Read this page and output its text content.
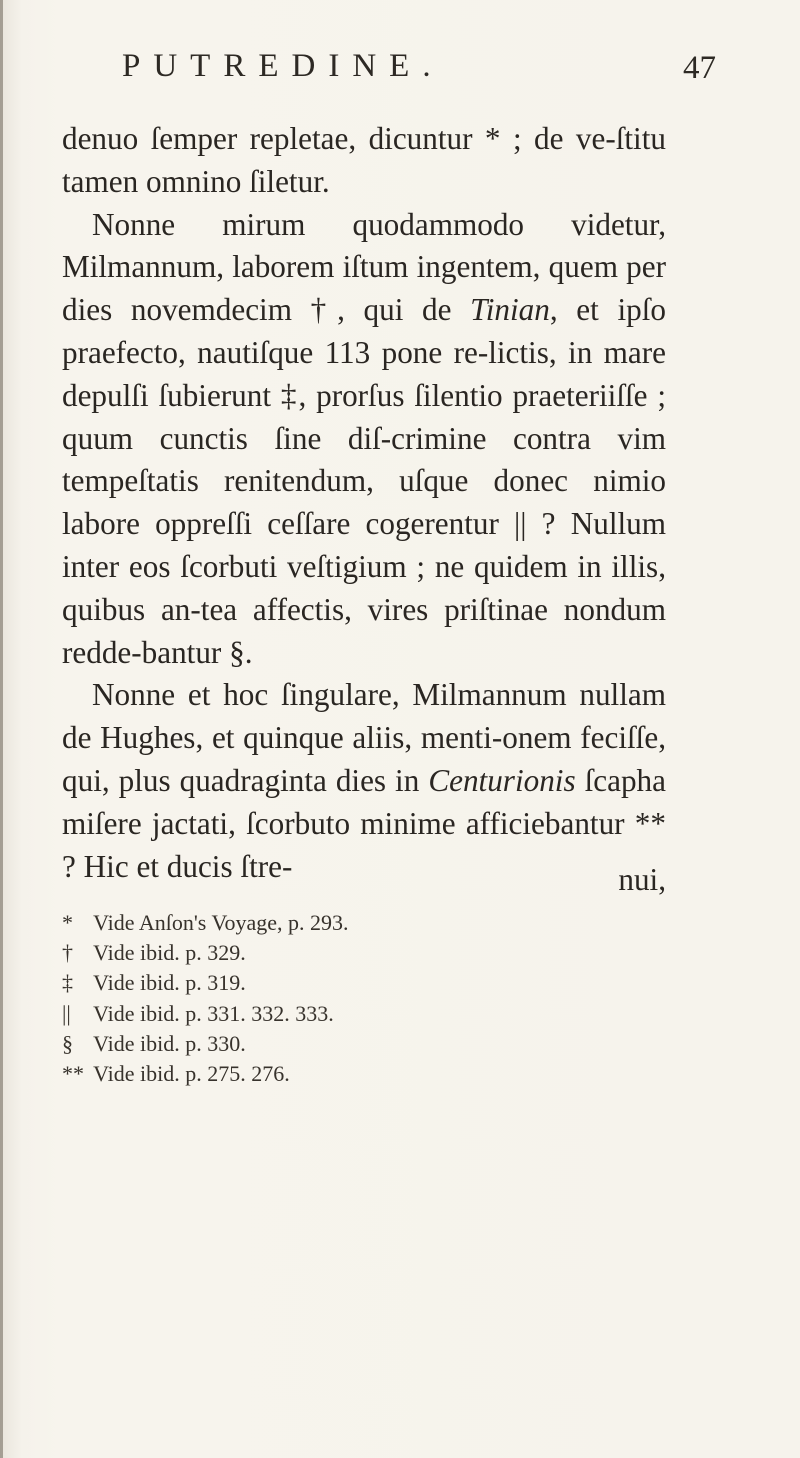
PUTREDINE.	47

denuo ſemper repletae, dicuntur * ; de ve-ſtitu tamen omnino ſiletur.

Nonne mirum quodammodo videtur, Milmannum, laborem iſtum ingentem, quem per dies novemdecim †, qui de Tinian, et ipſo praefecto, nautiſque 113 pone re-lictis, in mare depulſi ſubierunt ‡, prorſus ſilentio praeteriiſſe ; quum cunctis ſine diſ-crimine contra vim tempeſtatis renitendum, uſque donec nimio labore oppreſſi ceſſare cogerentur || ? Nullum inter eos ſcorbuti veſtigium ; ne quidem in illis, quibus an-tea affectis, vires priſtinae nondum redde-bantur §.

Nonne et hoc ſingulare, Milmannum nullam de Hughes, et quinque aliis, menti-onem feciſſe, qui, plus quadraginta dies in Centurionis ſcapha miſere jactati, ſcorbuto minime afficiebantur ** ? Hic et ducis ſtre-	nui,
* Vide Anſon's Voyage, p. 293.
† Vide ibid. p. 329.
‡ Vide ibid. p. 319.
|| Vide ibid. p. 331. 332. 333.
§ Vide ibid. p. 330.
** Vide ibid. p. 275. 276.
